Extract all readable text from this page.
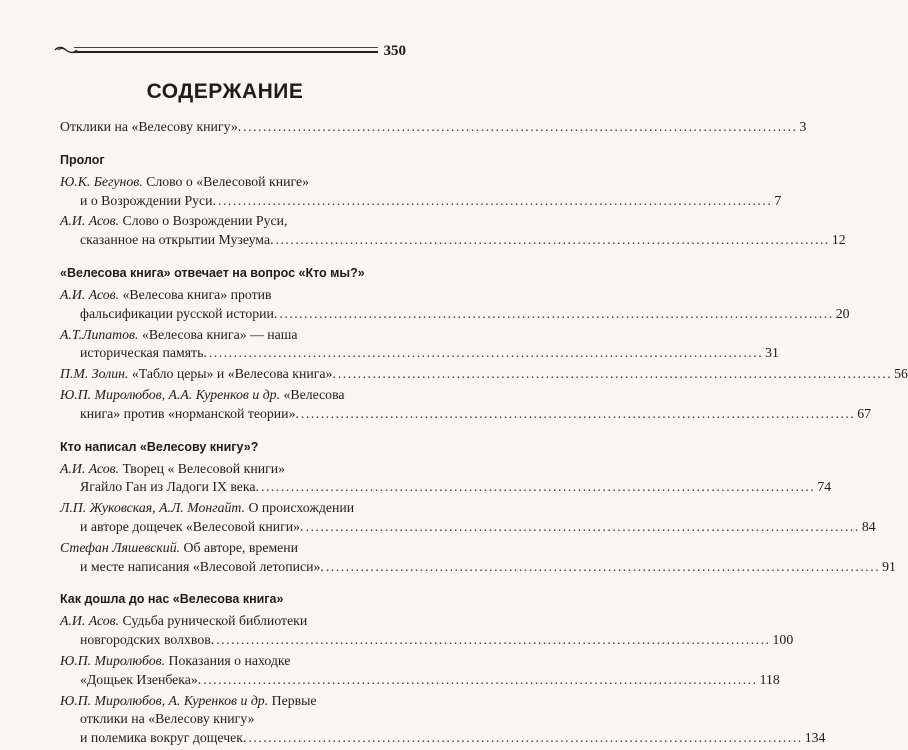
350
СОДЕРЖАНИЕ
Отклики на «Велесову книгу». .....	3
Пролог
Ю.К. Бегунов. Слово о «Велесовой книге»
и о Возрождении Руси. .....	7
А.И. Асов. Слово о Возрождении Руси,
сказанное на открытии Музеума. .....	12
«Велесова книга» отвечает на вопрос «Кто мы?»
А.И. Асов. «Велесова книга» против
фальсификации русской истории. .....	20
А.Т.Липатов. «Велесова книга» — наша
историческая память. .....	31
П.М. Золин. «Табло церы» и «Велесова книга». .....	56
Ю.П. Миролюбов, А.А. Куренков и др. «Велесова
книга» против «норманской теории». .....	67
Кто написал «Велесову книгу»?
А.И. Асов. Творец « Велесовой книги»
Ягайло Ган из Ладоги IX века. .....	74
Л.П. Жуковская, А.Л. Монгайт. О происхождении
и авторе дощечек «Велесовой книги». .....	84
Стефан Ляшевский. Об авторе, времени
и месте написания «Влесовой летописи». .....	91
Как дошла до нас «Велесова книга»
А.И. Асов. Судьба рунической библиотеки
новгородских волхвов. .....	100
Ю.П. Миролюбов. Показания о находке
«Дощьек Изенбека». .....	118
Ю.П. Миролюбов, А. Куренков и др. Первые
отклики на «Велесову книгу»
и полемика вокруг дощечек. .....	134
